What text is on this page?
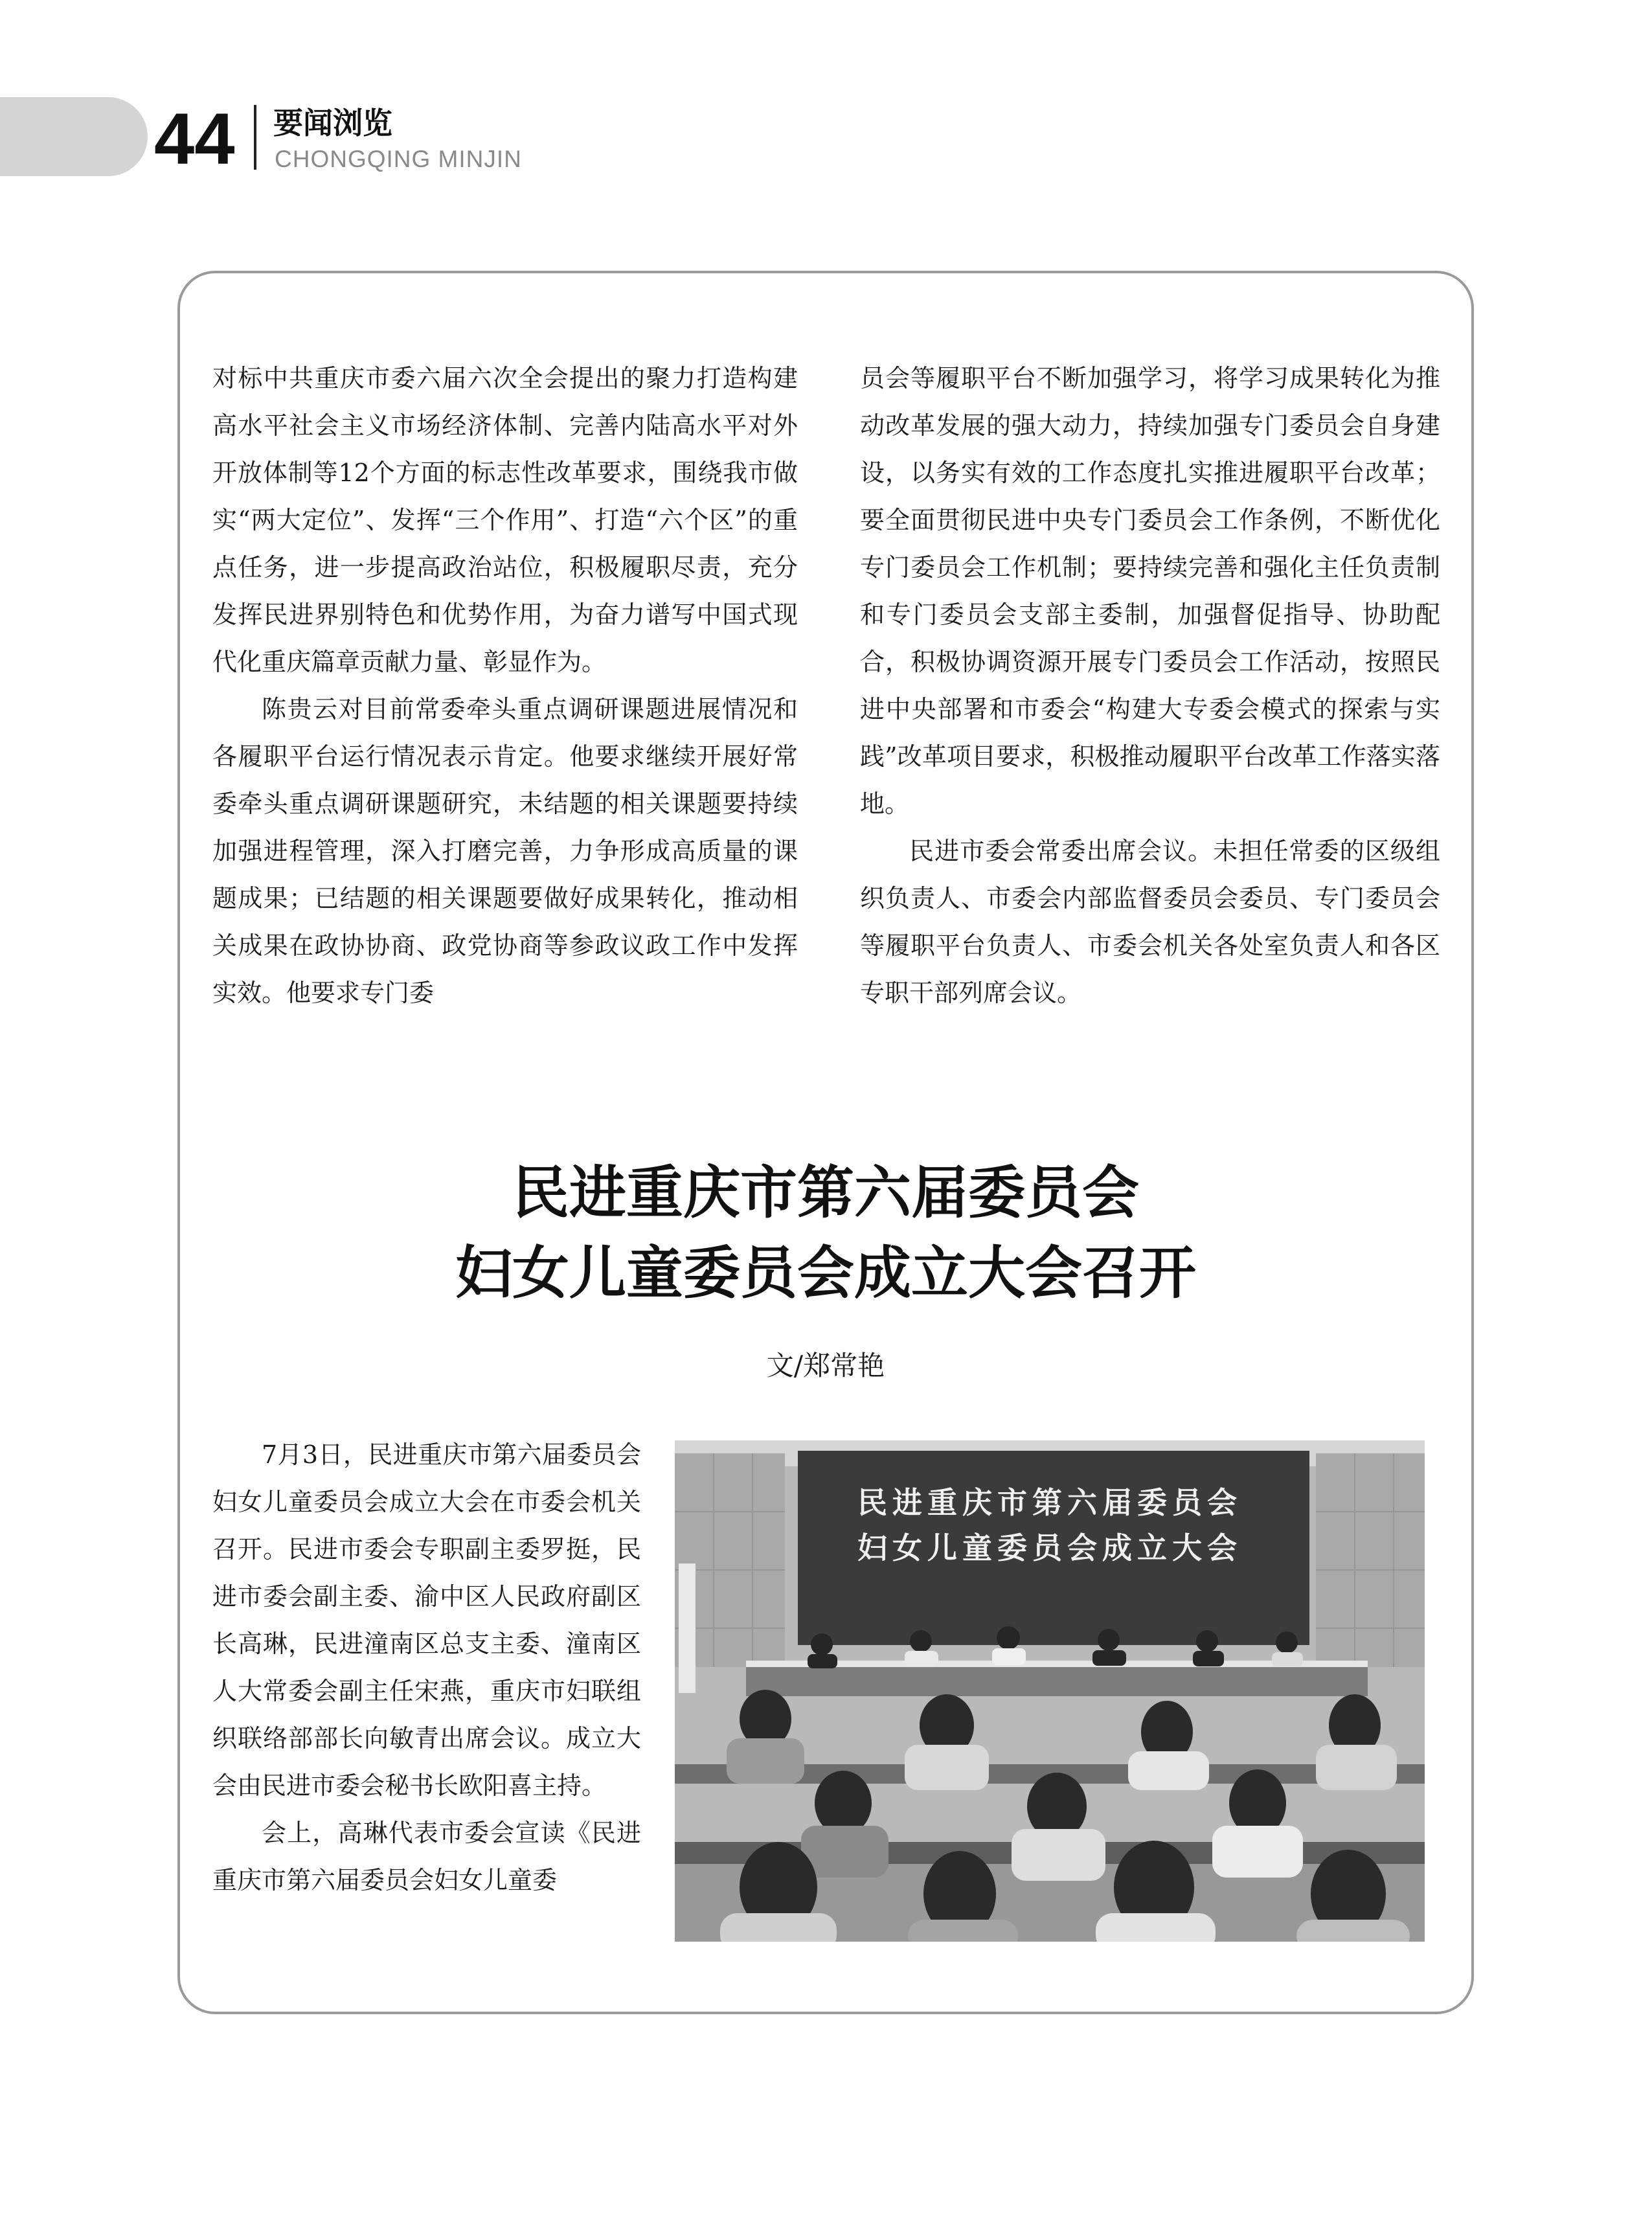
44 要闻浏览
CHONGQING MINJIN

对标中共重庆市委六届六次全会提出的聚力打造构建高水平社会主义市场经济体制、完善内陆高水平对外开放体制等12个方面的标志性改革要求，围绕我市做实“两大定位”、发挥“三个作用”、打造“六个区”的重点任务，进一步提高政治站位，积极履职尽责，充分发挥民进界别特色和优势作用，为奋力谱写中国式现代化重庆篇章贡献力量、彰显作为。

陈贵云对目前常委牵头重点调研课题进展情况和各履职平台运行情况表示肯定。他要求继续开展好常委牵头重点调研课题研究，未结题的相关课题要持续加强进程管理，深入打磨完善，力争形成高质量的课题成果；已结题的相关课题要做好成果转化，推动相关成果在政协协商、政党协商等参政议政工作中发挥实效。他要求专门委

员会等履职平台不断加强学习，将学习成果转化为推动改革发展的强大动力，持续加强专门委员会自身建设，以务实有效的工作态度扎实推进履职平台改革；要全面贯彻民进中央专门委员会工作条例，不断优化专门委员会工作机制；要持续完善和强化主任负责制和专门委员会支部主委制，加强督促指导、协助配合，积极协调资源开展专门委员会工作活动，按照民进中央部署和市委会“构建大专委会模式的探索与实践”改革项目要求，积极推动履职平台改革工作落实落地。

民进市委会常委出席会议。未担任常委的区级组织负责人、市委会内部监督委员会委员、专门委员会等履职平台负责人、市委会机关各处室负责人和各区专职干部列席会议。

民进重庆市第六届委员会
妇女儿童委员会成立大会召开
文/郑常艳

7月3日，民进重庆市第六届委员会妇女儿童委员会成立大会在市委会机关召开。民进市委会专职副主委罗挺，民进市委会副主委、渝中区人民政府副区长高琳，民进潼南区总支主委、潼南区人大常委会副主任宋燕，重庆市妇联组织联络部部长向敏青出席会议。成立大会由民进市委会秘书长欧阳喜主持。

会上，高琳代表市委会宣读《民进重庆市第六届委员会妇女儿童委

民进重庆市第六届委员会
妇女儿童委员会成立大会
